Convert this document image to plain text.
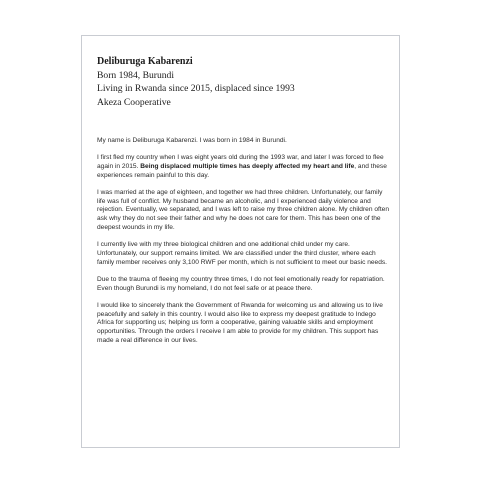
Deliburuga Kabarenzi
Born 1984, Burundi
Living in Rwanda since 2015, displaced since 1993
Akeza Cooperative

My name is Deliburuga Kabarenzi. I was born in 1984 in Burundi.

I first fled my country when I was eight years old during the 1993 war, and later I was forced to flee again in 2015. Being displaced multiple times has deeply affected my heart and life, and these experiences remain painful to this day.

I was married at the age of eighteen, and together we had three children. Unfortunately, our family life was full of conflict. My husband became an alcoholic, and I experienced daily violence and rejection. Eventually, we separated, and I was left to raise my three children alone. My children often ask why they do not see their father and why he does not care for them. This has been one of the deepest wounds in my life.

I currently live with my three biological children and one additional child under my care. Unfortunately, our support remains limited. We are classified under the third cluster, where each family member receives only 3,100 RWF per month, which is not sufficient to meet our basic needs.

Due to the trauma of fleeing my country three times, I do not feel emotionally ready for repatriation. Even though Burundi is my homeland, I do not feel safe or at peace there.

I would like to sincerely thank the Government of Rwanda for welcoming us and allowing us to live peacefully and safely in this country. I would also like to express my deepest gratitude to Indego Africa for supporting us; helping us form a cooperative, gaining valuable skills and employment opportunities. Through the orders I receive I am able to provide for my children. This support has made a real difference in our lives.
